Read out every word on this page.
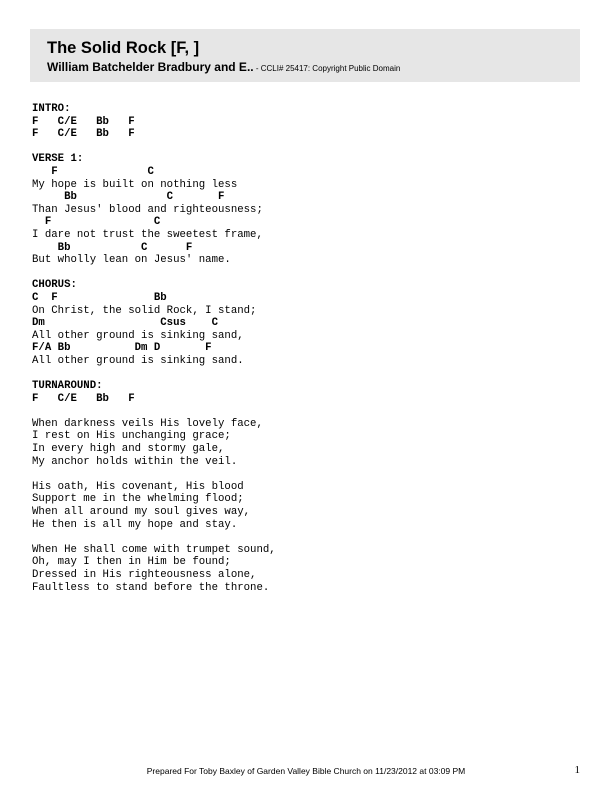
The Solid Rock [F, ]
William Batchelder Bradbury and E.. - CCLI# 25417: Copyright Public Domain
INTRO:
F   C/E   Bb   F
F   C/E   Bb   F
VERSE 1:
F              C
My hope is built on nothing less
Bb              C       F
Than Jesus' blood and righteousness;
F                C
I dare not trust the sweetest frame,
Bb           C      F
But wholly lean on Jesus' name.
CHORUS:
C  F               Bb
On Christ, the solid Rock, I stand;
Dm                  Csus    C
All other ground is sinking sand,
F/A Bb          Dm D       F
All other ground is sinking sand.
TURNAROUND:
F   C/E   Bb   F
When darkness veils His lovely face,
I rest on His unchanging grace;
In every high and stormy gale,
My anchor holds within the veil.
His oath, His covenant, His blood
Support me in the whelming flood;
When all around my soul gives way,
He then is all my hope and stay.
When He shall come with trumpet sound,
Oh, may I then in Him be found;
Dressed in His righteousness alone,
Faultless to stand before the throne.
Prepared For Toby Baxley of Garden Valley Bible Church on 11/23/2012 at 03:09 PM	1
